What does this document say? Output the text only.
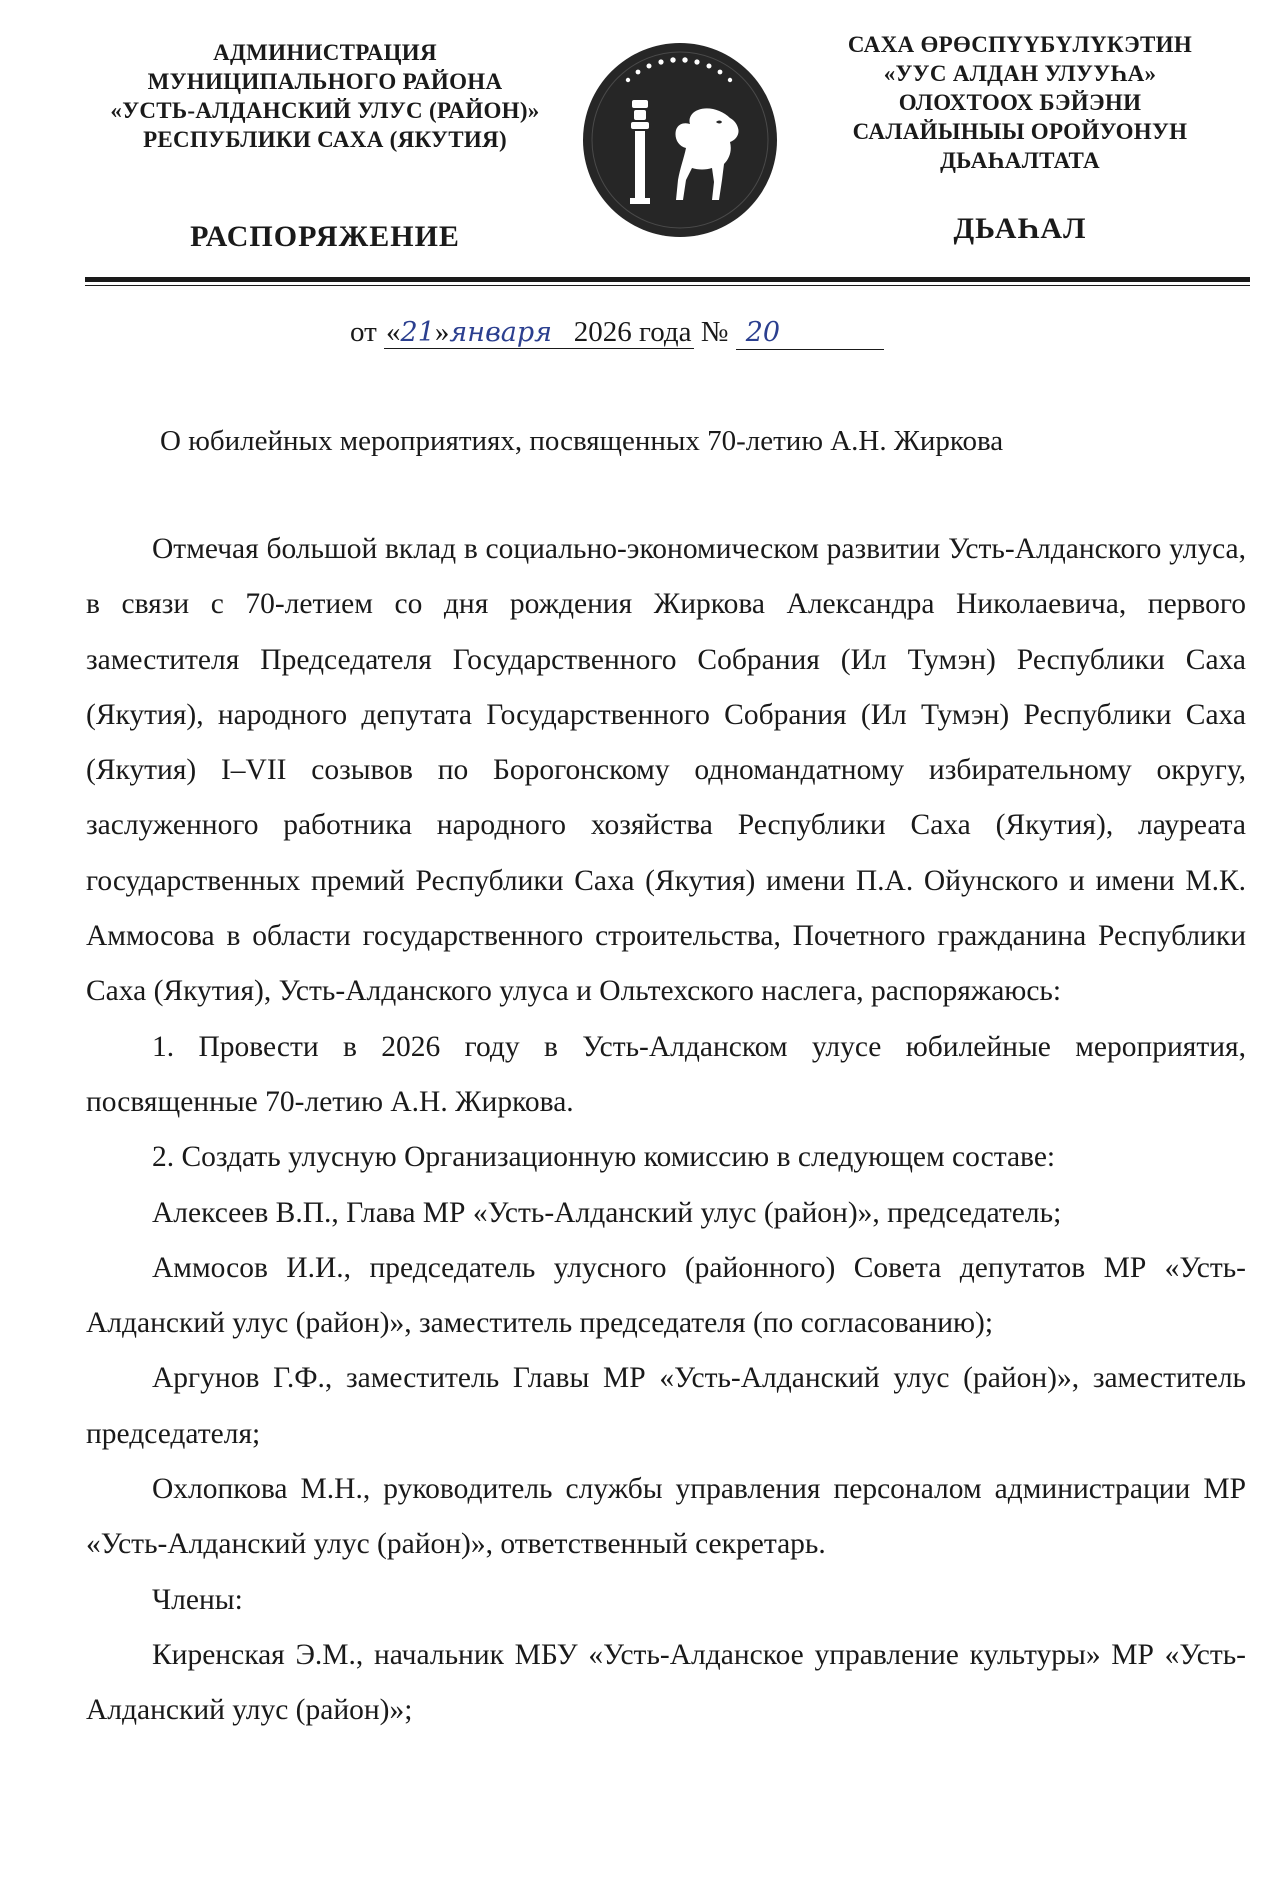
АДМИНИСТРАЦИЯ
МУНИЦИПАЛЬНОГО РАЙОНА
«УСТЬ-АЛДАНСКИЙ УЛУС (РАЙОН)»
РЕСПУБЛИКИ САХА (ЯКУТИЯ)
САХА ӨРӨСПҮҮБҮЛҮКЭТИН
«УУС АЛДАН УЛУУҺА»
ОЛОХТООХ БЭЙЭНИ
САЛАЙЫНЫЫ ОРОЙУОНУН
ДЬАҺАЛТАТА
РАСПОРЯЖЕНИЕ	ДЬАҺАЛ
от «21»января 2026 года № 20
О юбилейных мероприятиях, посвященных 70-летию А.Н. Жиркова

Отмечая большой вклад в социально-экономическом развитии Усть-Алданского улуса, в связи с 70-летием со дня рождения Жиркова Александра Николаевича, первого заместителя Председателя Государственного Собрания (Ил Тумэн) Республики Саха (Якутия), народного депутата Государственного Собрания (Ил Тумэн) Республики Саха (Якутия) I–VII созывов по Борогонскому одномандатному избирательному округу, заслуженного работника народного хозяйства Республики Саха (Якутия), лауреата государственных премий Республики Саха (Якутия) имени П.А. Ойунского и имени М.К. Аммосова в области государственного строительства, Почетного гражданина Республики Саха (Якутия), Усть-Алданского улуса и Ольтехского наслега, распоряжаюсь:

1. Провести в 2026 году в Усть-Алданском улусе юбилейные мероприятия, посвященные 70-летию А.Н. Жиркова.

2. Создать улусную Организационную комиссию в следующем составе:

Алексеев В.П., Глава МР «Усть-Алданский улус (район)», председатель;

Аммосов И.И., председатель улусного (районного) Совета депутатов МР «Усть-Алданский улус (район)», заместитель председателя (по согласованию);

Аргунов Г.Ф., заместитель Главы МР «Усть-Алданский улус (район)», заместитель председателя;

Охлопкова М.Н., руководитель службы управления персоналом администрации МР «Усть-Алданский улус (район)», ответственный секретарь.

Члены:

Киренская Э.М., начальник МБУ «Усть-Алданское управление культуры» МР «Усть-Алданский улус (район)»;
